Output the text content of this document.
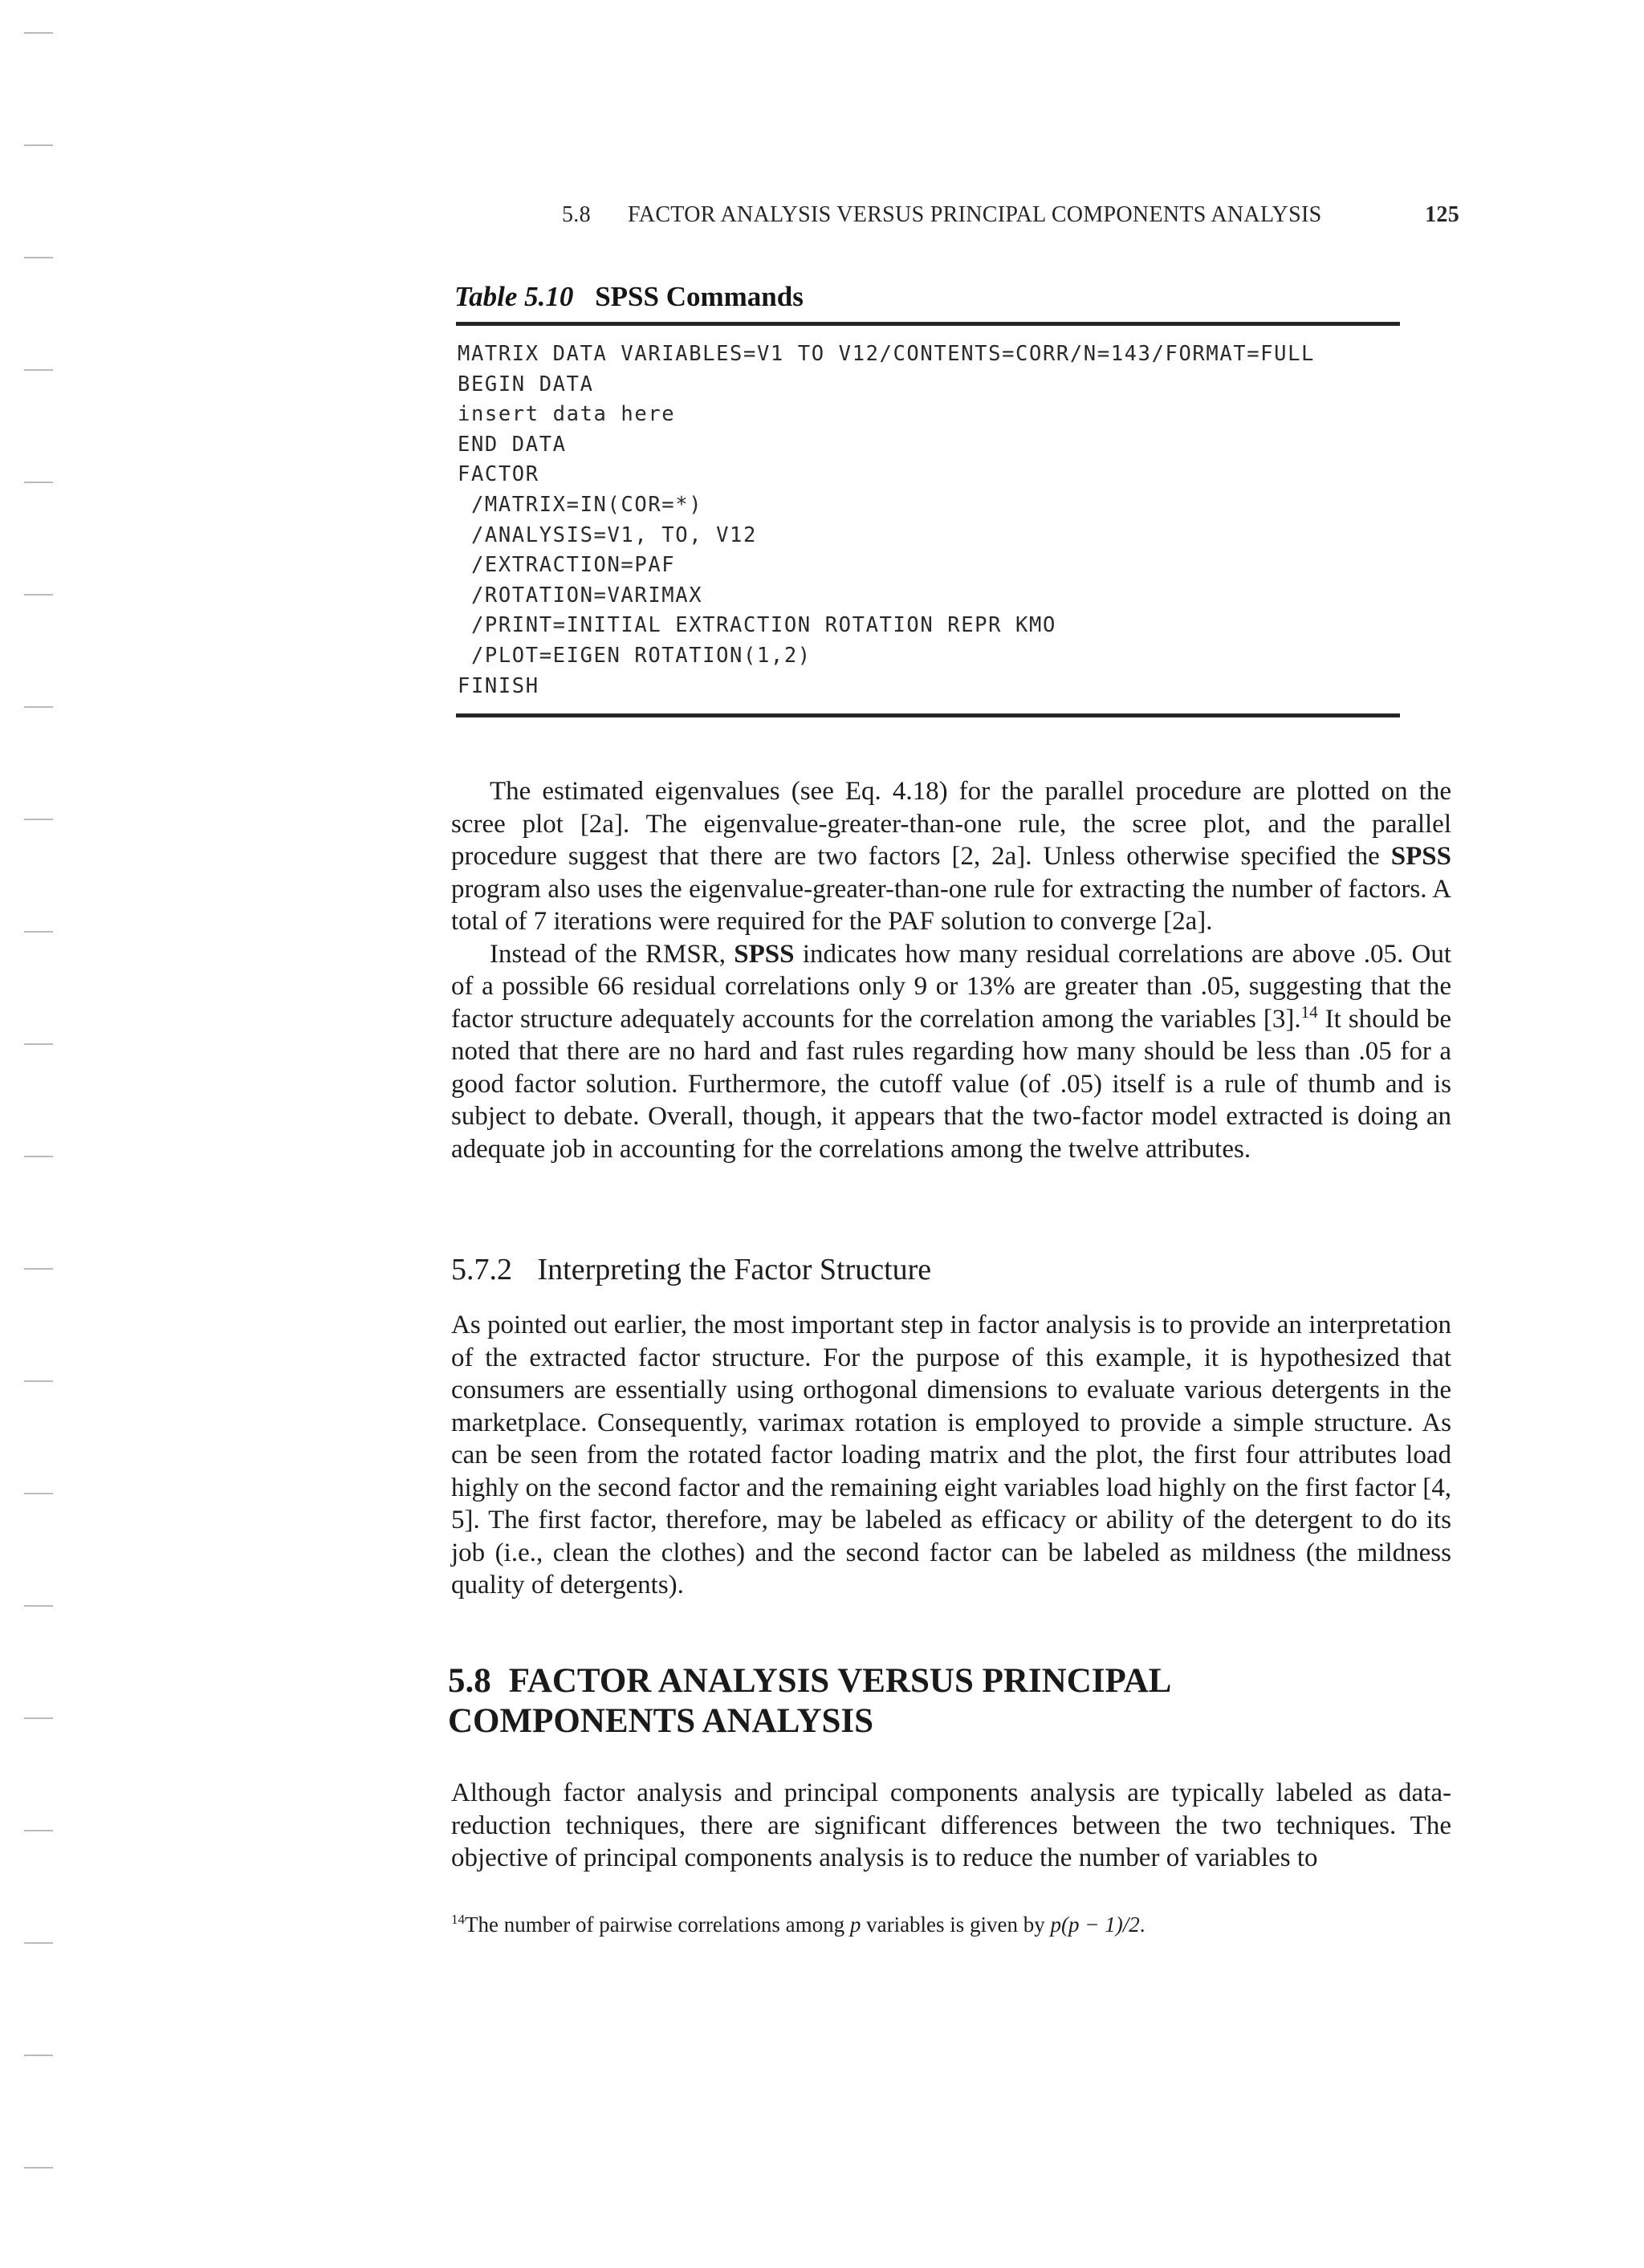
5.8 FACTOR ANALYSIS VERSUS PRINCIPAL COMPONENTS ANALYSIS	125
Table 5.10 SPSS Commands
MATRIX DATA VARIABLES=V1 TO V12/CONTENTS=CORR/N=143/FORMAT=FULL
BEGIN DATA
insert data here
END DATA
FACTOR
/MATRIX=IN(COR=*)
/ANALYSIS=V1, TO, V12
/EXTRACTION=PAF
/ROTATION=VARIMAX
/PRINT=INITIAL EXTRACTION ROTATION REPR KMO
/PLOT=EIGEN ROTATION(1,2)
FINISH

The estimated eigenvalues (see Eq. 4.18) for the parallel procedure are plotted on the scree plot [2a]. The eigenvalue-greater-than-one rule, the scree plot, and the parallel procedure suggest that there are two factors [2, 2a]. Unless otherwise specified the SPSS program also uses the eigenvalue-greater-than-one rule for extracting the number of factors. A total of 7 iterations were required for the PAF solution to converge [2a].

Instead of the RMSR, SPSS indicates how many residual correlations are above .05. Out of a possible 66 residual correlations only 9 or 13% are greater than .05, suggesting that the factor structure adequately accounts for the correlation among the variables [3].$^{14}$ It should be noted that there are no hard and fast rules regarding how many should be less than .05 for a good factor solution. Furthermore, the cutoff value (of .05) itself is a rule of thumb and is subject to debate. Overall, though, it appears that the two-factor model extracted is doing an adequate job in accounting for the correlations among the twelve attributes.

5.7.2 Interpreting the Factor Structure

As pointed out earlier, the most important step in factor analysis is to provide an interpretation of the extracted factor structure. For the purpose of this example, it is hypothesized that consumers are essentially using orthogonal dimensions to evaluate various detergents in the marketplace. Consequently, varimax rotation is employed to provide a simple structure. As can be seen from the rotated factor loading matrix and the plot, the first four attributes load highly on the second factor and the remaining eight variables load highly on the first factor [4, 5]. The first factor, therefore, may be labeled as efficacy or ability of the detergent to do its job (i.e., clean the clothes) and the second factor can be labeled as mildness (the mildness quality of detergents).

5.8 FACTOR ANALYSIS VERSUS PRINCIPAL COMPONENTS ANALYSIS

Although factor analysis and principal components analysis are typically labeled as data-reduction techniques, there are significant differences between the two techniques. The objective of principal components analysis is to reduce the number of variables to

$^{14}$The number of pairwise correlations among p variables is given by p(p − 1)/2.
